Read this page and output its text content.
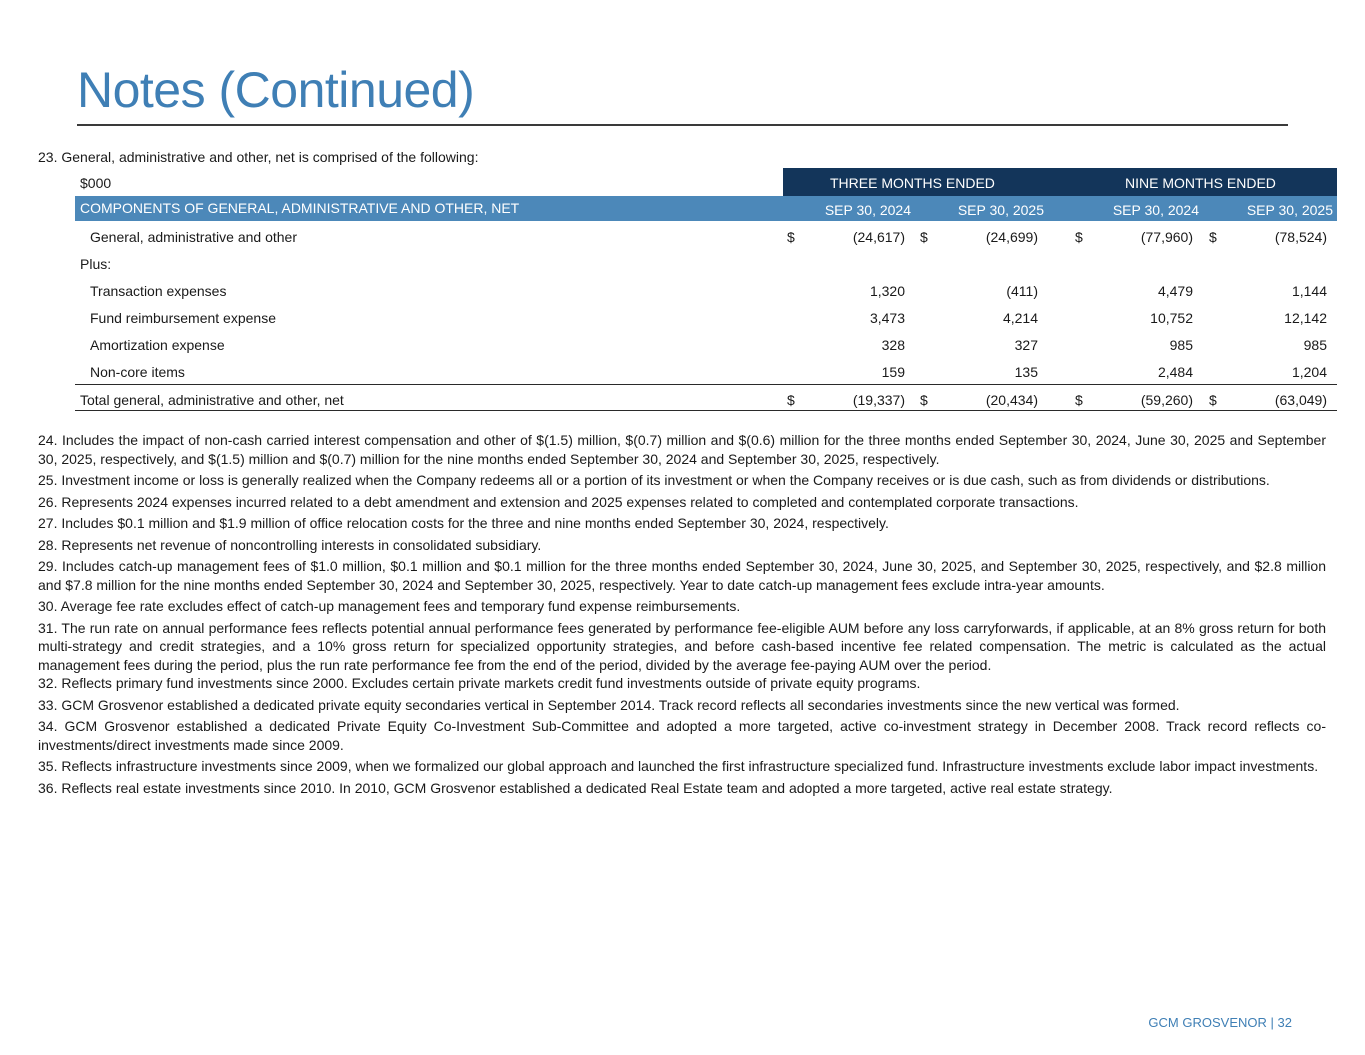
Notes (Continued)
23. General, administrative and other, net is comprised of the following:
$000	THREE MONTHS ENDED	NINE MONTHS ENDED
COMPONENTS OF GENERAL, ADMINISTRATIVE AND OTHER, NET	SEP 30, 2024	SEP 30, 2025	SEP 30, 2024	SEP 30, 2025
General, administrative and other	$	(24,617) $	(24,699)	$	(77,960) $	(78,524)
Plus:
Transaction expenses	1,320	(411)	4,479	1,144
Fund reimbursement expense	3,473	4,214	10,752	12,142
Amortization expense	328	327	985	985
Non-core items	159	135	2,484	1,204
Total general, administrative and other, net	$	(19,337) $	(20,434)	$	(59,260) $	(63,049)

24. Includes the impact of non-cash carried interest compensation and other of $(1.5) million, $(0.7) million and $(0.6) million for the three months ended September 30, 2024, June 30, 2025 and September 30, 2025, respectively, and $(1.5) million and $(0.7) million for the nine months ended September 30, 2024 and September 30, 2025, respectively.

25. Investment income or loss is generally realized when the Company redeems all or a portion of its investment or when the Company receives or is due cash, such as from dividends or distributions.

26. Represents 2024 expenses incurred related to a debt amendment and extension and 2025 expenses related to completed and contemplated corporate transactions.

27. Includes $0.1 million and $1.9 million of office relocation costs for the three and nine months ended September 30, 2024, respectively.

28. Represents net revenue of noncontrolling interests in consolidated subsidiary.

29. Includes catch-up management fees of $1.0 million, $0.1 million and $0.1 million for the three months ended September 30, 2024, June 30, 2025, and September 30, 2025, respectively, and $2.8 million and $7.8 million for the nine months ended September 30, 2024 and September 30, 2025, respectively. Year to date catch-up management fees exclude intra-year amounts.

30. Average fee rate excludes effect of catch-up management fees and temporary fund expense reimbursements.

31. The run rate on annual performance fees reflects potential annual performance fees generated by performance fee-eligible AUM before any loss carryforwards, if applicable, at an 8% gross return for both multi-strategy and credit strategies, and a 10% gross return for specialized opportunity strategies, and before cash-based incentive fee related compensation. The metric is calculated as the actual management fees during the period, plus the run rate performance fee from the end of the period, divided by the average fee-paying AUM over the period.

32. Reflects primary fund investments since 2000. Excludes certain private markets credit fund investments outside of private equity programs.

33. GCM Grosvenor established a dedicated private equity secondaries vertical in September 2014. Track record reflects all secondaries investments since the new vertical was formed.

34. GCM Grosvenor established a dedicated Private Equity Co-Investment Sub-Committee and adopted a more targeted, active co-investment strategy in December 2008. Track record reflects co-investments/direct investments made since 2009.

35. Reflects infrastructure investments since 2009, when we formalized our global approach and launched the first infrastructure specialized fund. Infrastructure investments exclude labor impact investments.

36. Reflects real estate investments since 2010. In 2010, GCM Grosvenor established a dedicated Real Estate team and adopted a more targeted, active real estate strategy.

GCM GROSVENOR | 32
